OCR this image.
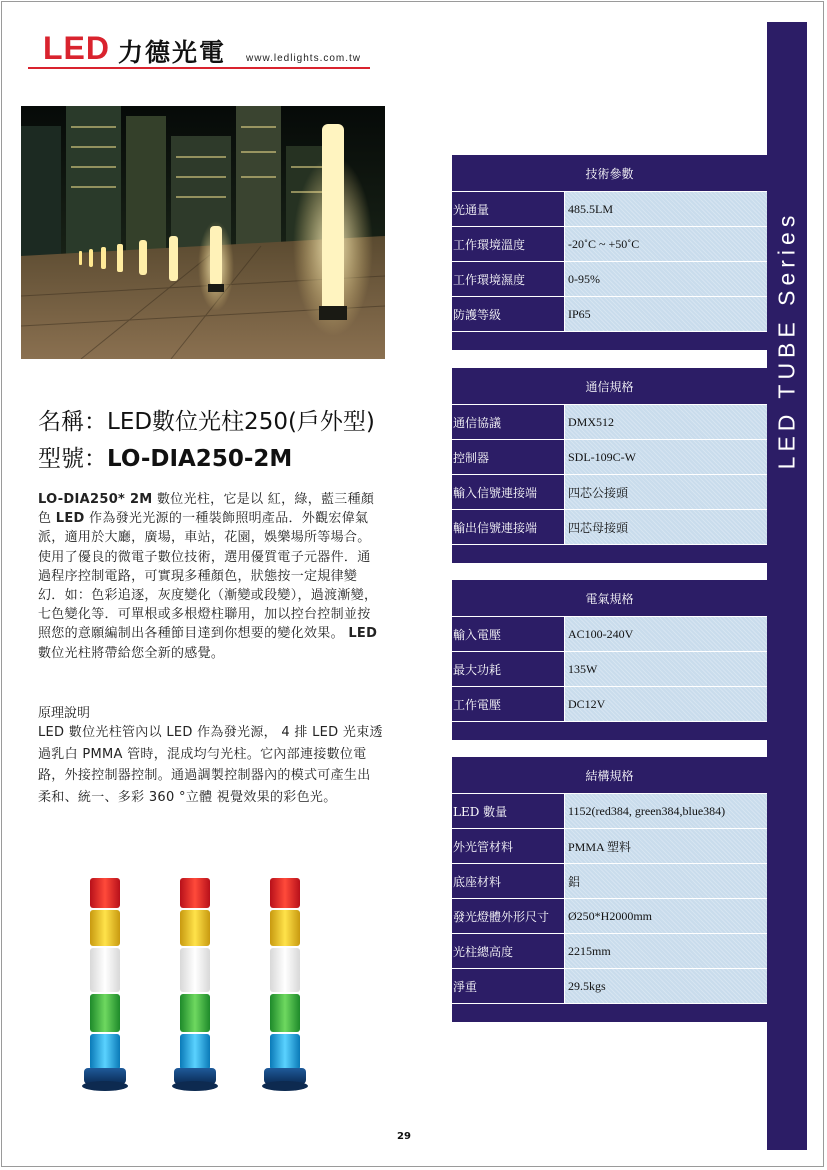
LED 力德光電 www.ledlights.com.tw
LED TUBE Series
名稱：LED數位光柱250(戶外型)
型號：LO-DIA250-2M
LO-DIA250* 2M 數位光柱，它是以 紅，綠，藍三種顏色 LED 作為發光光源的一種裝飾照明產品．外觀宏偉氣派，適用於大廳，廣場，車站，花園，娛樂場所等場合。使用了優良的微電子數位技術，選用優質電子元器件．通過程序控制電路，可實現多種顏色，狀態按一定規律變幻．如：色彩追逐，灰度變化（漸變或段變），過渡漸變，七色變化等．可單根或多根燈柱聯用，加以控台控制並按照您的意願編制出各種節目達到你想要的變化效果。 LED 數位光柱將帶給您全新的感覺。
原理說明
LED 數位光柱管內以 LED 作為發光源， 4 排 LED 光束透過乳白 PMMA 管時，混成均勻光柱。它內部連接數位電路，外接控制器控制。通過調製控制器內的模式可產生出柔和、統一、多彩 360 °立體 視覺效果的彩色光。
技術參數
光通量	485.5LM
工作環境溫度	-20˚C ~ +50˚C
工作環境濕度	0-95%
防護等級	IP65
通信規格
通信協議	DMX512
控制器	SDL-109C-W
輸入信號連接端	四芯公接頭
輸出信號連接端	四芯母接頭
電氣規格
輸入電壓	AC100-240V
最大功耗	135W
工作電壓	DC12V
結構規格
LED 數量	1152(red384, green384,blue384)
外光管材料	PMMA 塑料
底座材料	鋁
發光燈體外形尺寸	Ø250*H2000mm
光柱總高度	2215mm
淨重	29.5kgs
29
